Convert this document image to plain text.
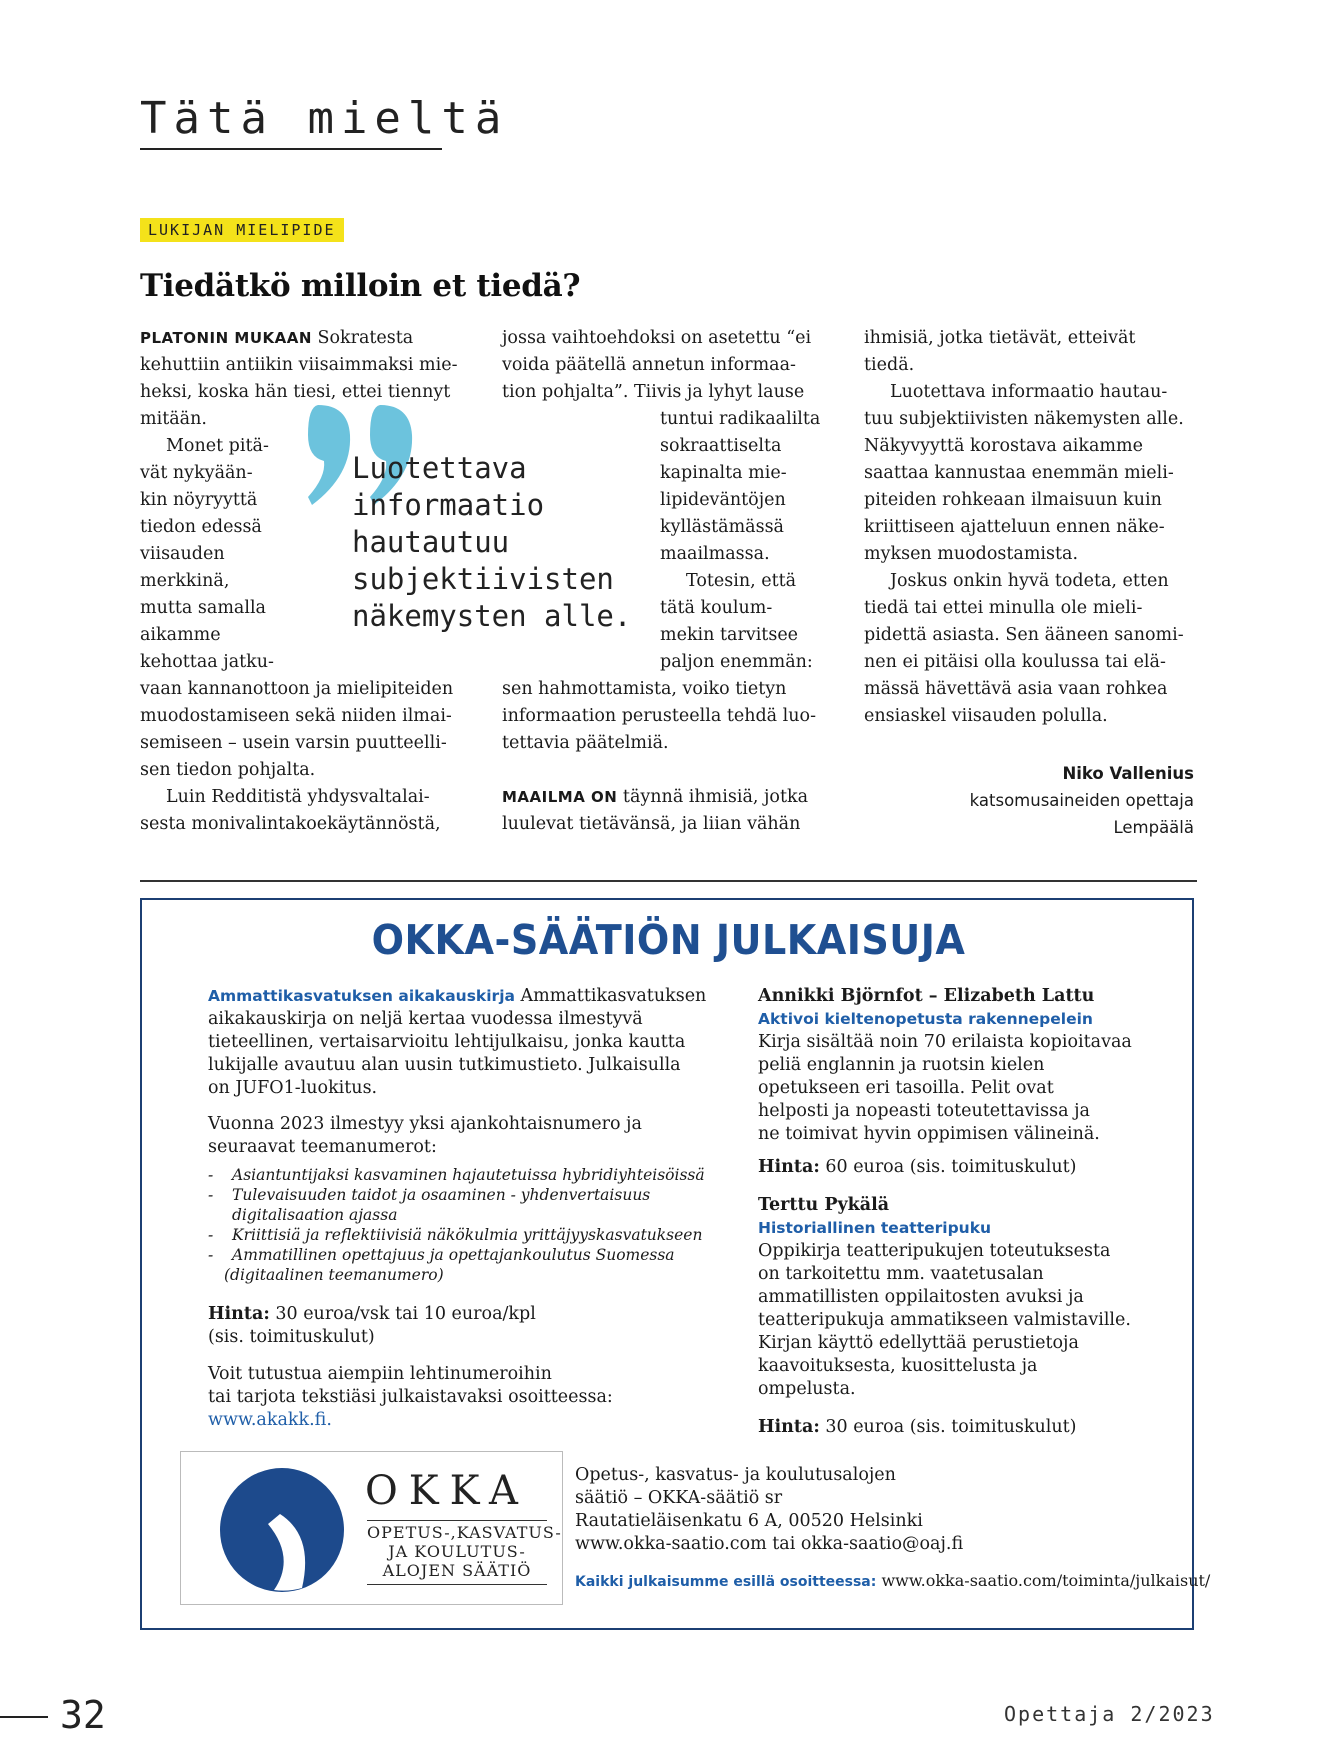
Tätä mieltä
LUKIJAN MIELIPIDE
Tiedätkö milloin et tiedä?
PLATONIN MUKAAN Sokratesta
kehuttiin antiikin viisaimmaksi mie-
heksi, koska hän tiesi, ettei tiennyt
mitään.
Monet pitä-
vät nykyään-
kin nöyryyttä
tiedon edessä
viisauden
merkkinä,
mutta samalla
aikamme
kehottaa jatku-
vaan kannanottoon ja mielipiteiden
muodostamiseen sekä niiden ilmai-
semiseen – usein varsin puutteelli-
sen tiedon pohjalta.
Luin Redditistä yhdysvaltalai-
sesta monivalintakoekäytännöstä,
Luotettava
informaatio
hautautuu
subjektiivisten
näkemysten alle.
jossa vaihtoehdoksi on asetettu “ei
voida päätellä annetun informaa-
tion pohjalta”. Tiivis ja lyhyt lause
tuntui radikaalilta
sokraattiselta
kapinalta mie-
lipideväntöjen
kyllästämässä
maailmassa.
Totesin, että
tätä koulum-
mekin tarvitsee
paljon enemmän:
sen hahmottamista, voiko tietyn
informaation perusteella tehdä luo-
tettavia päätelmiä.

MAAILMA ON täynnä ihmisiä, jotka
luulevat tietävänsä, ja liian vähän
ihmisiä, jotka tietävät, etteivät
tiedä.
Luotettava informaatio hautau-
tuu subjektiivisten näkemysten alle.
Näkyvyyttä korostava aikamme
saattaa kannustaa enemmän mieli-
piteiden rohkeaan ilmaisuun kuin
kriittiseen ajatteluun ennen näke-
myksen muodostamista.
Joskus onkin hyvä todeta, etten
tiedä tai ettei minulla ole mieli-
pidettä asiasta. Sen ääneen sanomi-
nen ei pitäisi olla koulussa tai elä-
mässä hävettävä asia vaan rohkea
ensiaskel viisauden polulla.
Niko Vallenius
katsomusaineiden opettaja
Lempäälä
OKKA-SÄÄTIÖN JULKAISUJA
Ammattikasvatuksen aikakauskirja Ammattikasvatuksen
aikakauskirja on neljä kertaa vuodessa ilmestyvä
tieteellinen, vertaisarvioitu lehtijulkaisu, jonka kautta
lukijalle avautuu alan uusin tutkimustieto. Julkaisulla
on JUFO1-luokitus.
Vuonna 2023 ilmestyy yksi ajankohtaisnumero ja
seuraavat teemanumerot:
- Asiantuntijaksi kasvaminen hajautetuissa hybridiyhteisöissä
- Tulevaisuuden taidot ja osaaminen - yhdenvertaisuus
digitalisaation ajassa
- Kriittisiä ja reflektiivisiä näkökulmia yrittäjyyskasvatukseen
- Ammatillinen opettajuus ja opettajankoulutus Suomessa
(digitaalinen teemanumero)
Hinta: 30 euroa/vsk tai 10 euroa/kpl
(sis. toimituskulut)
Voit tutustua aiempiin lehtinumeroihin
tai tarjota tekstiäsi julkaistavaksi osoitteessa:
www.akakk.fi.
Annikki Björnfot – Elizabeth Lattu
Aktivoi kieltenopetusta rakennepelein
Kirja sisältää noin 70 erilaista kopioitavaa
peliä englannin ja ruotsin kielen
opetukseen eri tasoilla. Pelit ovat
helposti ja nopeasti toteutettavissa ja
ne toimivat hyvin oppimisen välineinä.
Hinta: 60 euroa (sis. toimituskulut)
Terttu Pykälä
Historiallinen teatteripuku
Oppikirja teatteripukujen toteutuksesta
on tarkoitettu mm. vaatetusalan
ammatillisten oppilaitosten avuksi ja
teatteripukuja ammatikseen valmistaville.
Kirjan käyttö edellyttää perustietoja
kaavoituksesta, kuosittelusta ja
ompelusta.
Hinta: 30 euroa (sis. toimituskulut)
OKKA
OPETUS-,KASVATUS-
JA KOULUTUS-
ALOJEN SÄÄTIÖ
Opetus-, kasvatus- ja koulutusalojen
säätiö – OKKA-säätiö sr
Rautatieläisenkatu 6 A, 00520 Helsinki
www.okka-saatio.com tai okka-saatio@oaj.fi
Kaikki julkaisumme esillä osoitteessa: www.okka-saatio.com/toiminta/julkaisut/
32	Opettaja 2/2023
